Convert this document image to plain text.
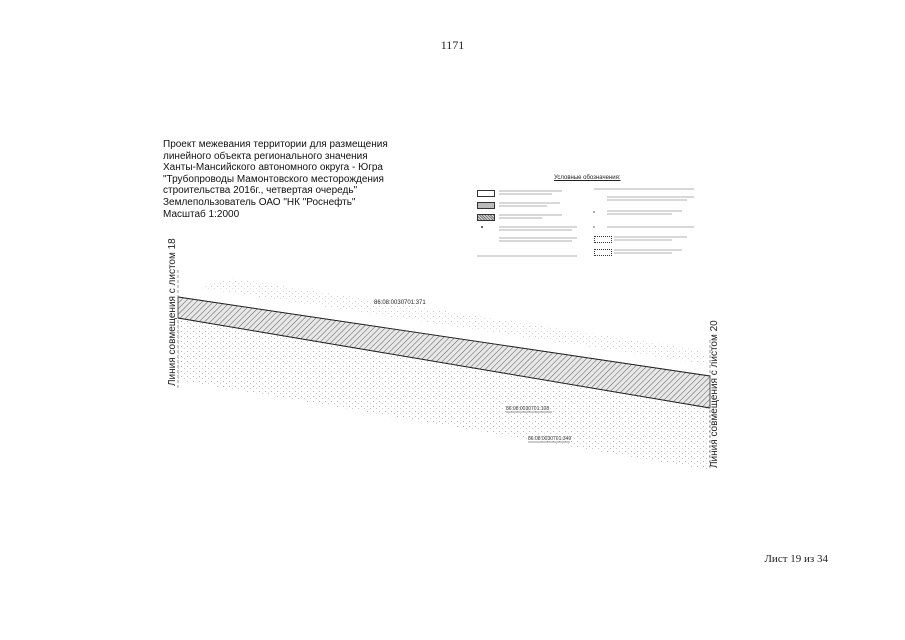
1171
Проект межевания территории для размещения
линейного объекта регионального значения
Ханты-Мансийского автономного округа - Югра
"Трубопроводы Мамонтовского месторождения
строительства 2016г., четвертая очередь"
Землепользователь ОАО "НК "Роснефть"
Масштаб 1:2000
Условные обозначения:
86:08:0030701:371
86:08:0030701:108
86:08:0030701:349
Линия совмещения с листом 18
Линия совмещения с листом 20
Лист 19 из 34
